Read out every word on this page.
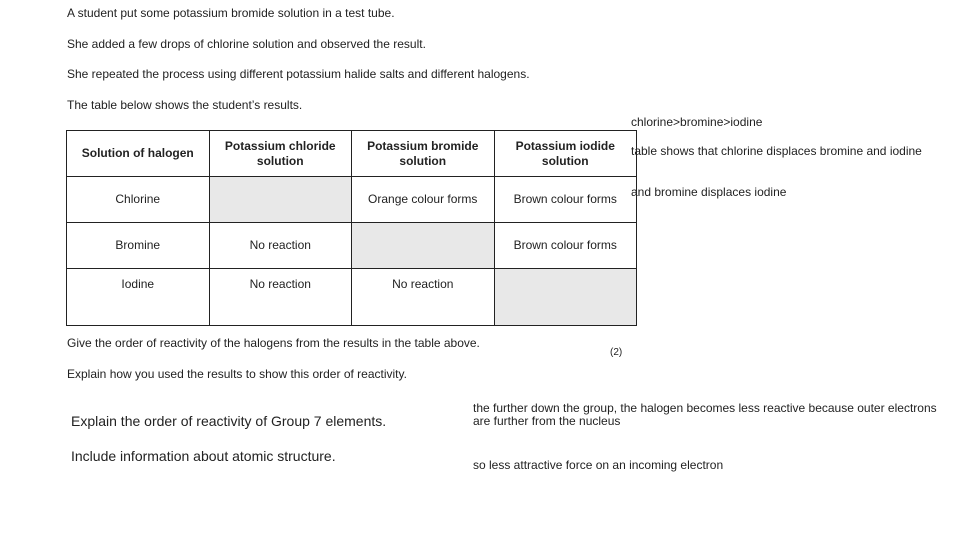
A student put some potassium bromide solution in a test tube.

She added a few drops of chlorine solution and observed the result.

She repeated the process using different potassium halide salts and different halogens.

The table below shows the student’s results.

Solution of halogen	Potassium chloride solution	Potassium bromide solution	Potassium iodide solution
Chlorine		Orange colour forms	Brown colour forms
Bromine	No reaction		Brown colour forms
Iodine	No reaction	No reaction	
chlorine>bromine>iodine
table shows that chlorine displaces bromine and iodine
and bromine displaces iodine

Give the order of reactivity of the halogens from the results in the table above.

(2)

Explain how you used the results to show this order of reactivity.

Explain the order of reactivity of Group 7 elements.

Include information about atomic structure.

the further down the group, the halogen becomes less reactive because outer electrons are further from the nucleus
so less attractive force on an incoming electron
